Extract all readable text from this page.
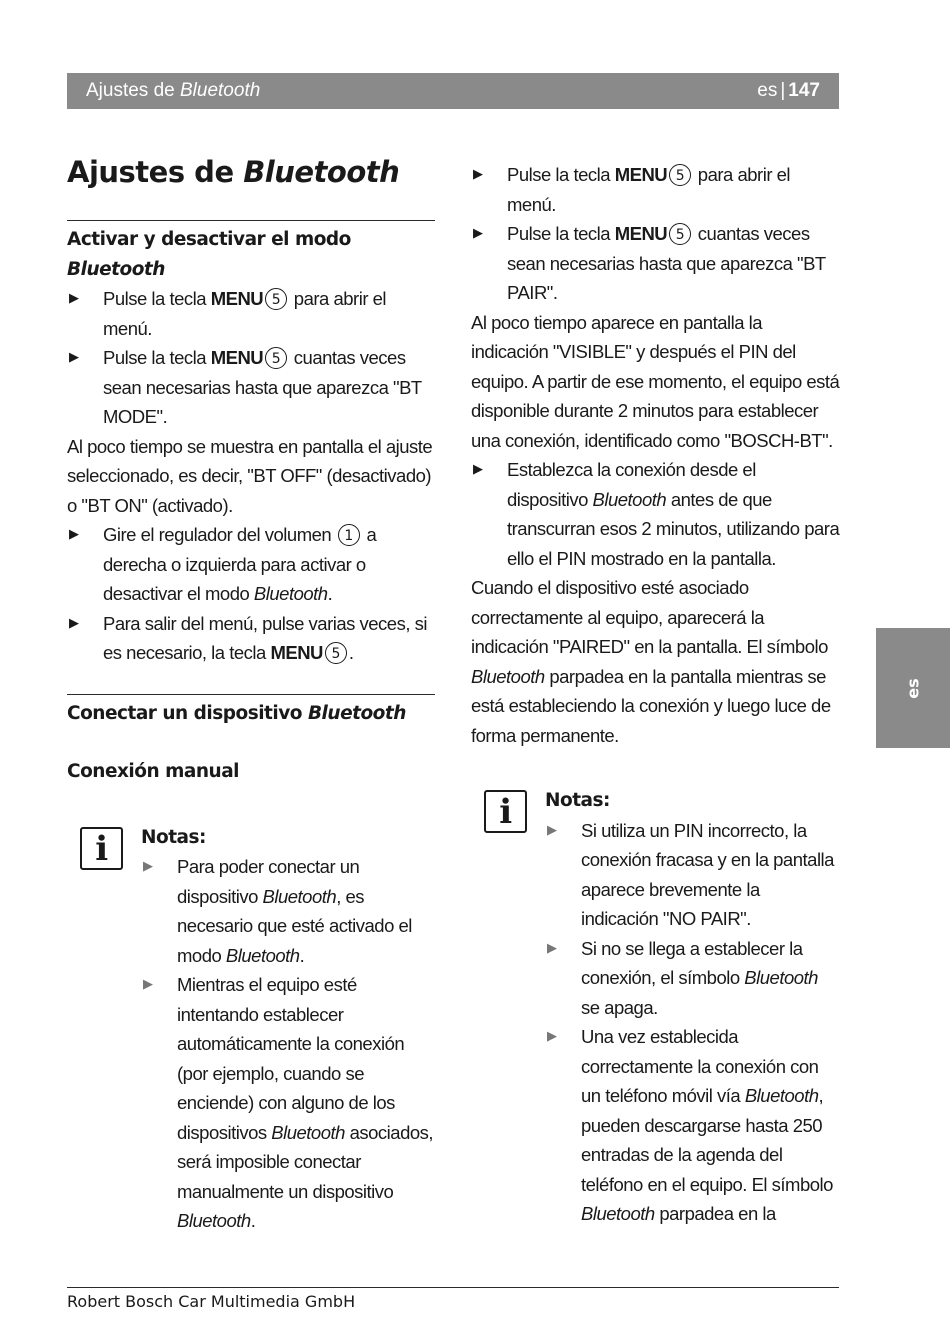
Ajustes de Bluetooth	es | 147
es
Ajustes de Bluetooth
Activar y desactivar el modo
Bluetooth
▶ Pulse la tecla MENU 5 para abrir el menú.
▶ Pulse la tecla MENU 5 cuantas veces sean necesarias hasta que aparezca "BT MODE".

Al poco tiempo se muestra en pantalla el ajuste seleccionado, es decir, "BT OFF" (desactivado) o "BT ON" (activado).

▶ Gire el regulador del volumen 1 a derecha o izquierda para activar o desactivar el modo Bluetooth.
▶ Para salir del menú, pulse varias veces, si es necesario, la tecla MENU 5 .
Conectar un dispositivo Bluetooth
Conexión manual
i	Notas:
▶ Para poder conectar un dispositivo Bluetooth, es necesario que esté activado el modo Bluetooth.
▶ Mientras el equipo esté intentando establecer automáticamente la conexión (por ejemplo, cuando se enciende) con alguno de los dispositivos Bluetooth asociados, será imposible conectar manualmente un dispositivo Bluetooth.
▶ Pulse la tecla MENU 5 para abrir el menú.
▶ Pulse la tecla MENU 5 cuantas veces sean necesarias hasta que aparezca "BT PAIR".

Al poco tiempo aparece en pantalla la indicación "VISIBLE" y después el PIN del equipo. A partir de ese momento, el equipo está disponible durante 2 minutos para establecer una conexión, identificado como "BOSCH-BT".

▶ Establezca la conexión desde el dispositivo Bluetooth antes de que transcurran esos 2 minutos, utilizando para ello el PIN mostrado en la pantalla.

Cuando el dispositivo esté asociado correctamente al equipo, aparecerá la indicación "PAIRED" en la pantalla. El símbolo Bluetooth parpadea en la pantalla mientras se está estableciendo la conexión y luego luce de forma permanente.

i	Notas:
▶ Si utiliza un PIN incorrecto, la conexión fracasa y en la pantalla aparece brevemente la indicación "NO PAIR".
▶ Si no se llega a establecer la conexión, el símbolo Bluetooth se apaga.
▶ Una vez establecida correctamente la conexión con un teléfono móvil vía Bluetooth, pueden descargarse hasta 250 entradas de la agenda del teléfono en el equipo. El símbolo Bluetooth parpadea en la
Robert Bosch Car Multimedia GmbH
